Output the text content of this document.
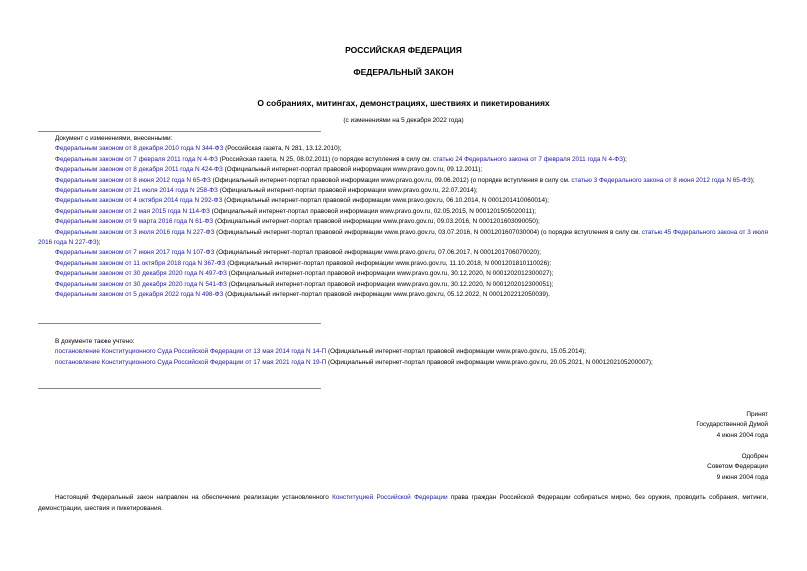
РОССИЙСКАЯ ФЕДЕРАЦИЯ
ФЕДЕРАЛЬНЫЙ ЗАКОН
О собраниях, митингах, демонстрациях, шествиях и пикетированиях
(с изменениями на 5 декабря 2022 года)
Документ с изменениями, внесенными:
Федеральным законом от 8 декабря 2010 года N 344-ФЗ (Российская газета, N 281, 13.12.2010);
Федеральным законом от 7 февраля 2011 года N 4-ФЗ (Российская газета, N 25, 08.02.2011) (о порядке вступления в силу см. статью 24 Федерального закона от 7 февраля 2011 года N 4-ФЗ);
Федеральным законом от 8 декабря 2011 года N 424-ФЗ (Официальный интернет-портал правовой информации www.pravo.gov.ru, 09.12.2011);
Федеральным законом от 8 июня 2012 года N 65-ФЗ (Официальный интернет-портал правовой информации www.pravo.gov.ru, 09.06.2012) (о порядке вступления в силу см. статью 3 Федерального закона от 8 июня 2012 года N 65-ФЗ);
Федеральным законом от 21 июля 2014 года N 258-ФЗ (Официальный интернет-портал правовой информации www.pravo.gov.ru, 22.07.2014);
Федеральным законом от 4 октября 2014 года N 292-ФЗ (Официальный интернет-портал правовой информации www.pravo.gov.ru, 06.10.2014, N 0001201410060014);
Федеральным законом от 2 мая 2015 года N 114-ФЗ (Официальный интернет-портал правовой информации www.pravo.gov.ru, 02.05.2015, N 0001201505020011);
Федеральным законом от 9 марта 2016 года N 61-ФЗ (Официальный интернет-портал правовой информации www.pravo.gov.ru, 09.03.2016, N 0001201603090050);
Федеральным законом от 3 июля 2016 года N 227-ФЗ (Официальный интернет-портал правовой информации www.pravo.gov.ru, 03.07.2016, N 0001201607030004) (о порядке вступления в силу см. статью 45 Федерального закона от 3 июля 2016 года N 227-ФЗ);
Федеральным законом от 7 июня 2017 года N 107-ФЗ (Официальный интернет-портал правовой информации www.pravo.gov.ru, 07.06.2017, N 0001201706070020);
Федеральным законом от 11 октября 2018 года N 367-ФЗ (Официальный интернет-портал правовой информации www.pravo.gov.ru, 11.10.2018, N 0001201810110026);
Федеральным законом от 30 декабря 2020 года N 497-ФЗ (Официальный интернет-портал правовой информации www.pravo.gov.ru, 30.12.2020, N 0001202012300027);
Федеральным законом от 30 декабря 2020 года N 541-ФЗ (Официальный интернет-портал правовой информации www.pravo.gov.ru, 30.12.2020, N 0001202012300051);
Федеральным законом от 5 декабря 2022 года N 498-ФЗ (Официальный интернет-портал правовой информации www.pravo.gov.ru, 05.12.2022, N 0001202212050039).
В документе также учтено:
постановление Конституционного Суда Российской Федерации от 13 мая 2014 года N 14-П (Официальный интернет-портал правовой информации www.pravo.gov.ru, 15.05.2014);
постановление Конституционного Суда Российской Федерации от 17 мая 2021 года N 19-П (Официальный интернет-портал правовой информации www.pravo.gov.ru, 20.05.2021, N 0001202105200007);
Принят
Государственной Думой
4 июня 2004 года
Одобрен
Советом Федерации
9 июня 2004 года
Настоящий Федеральный закон направлен на обеспечение реализации установленного Конституцией Российской Федерации права граждан Российской Федерации собираться мирно, без оружия, проводить собрания, митинги, демонстрации, шествия и пикетирования.
